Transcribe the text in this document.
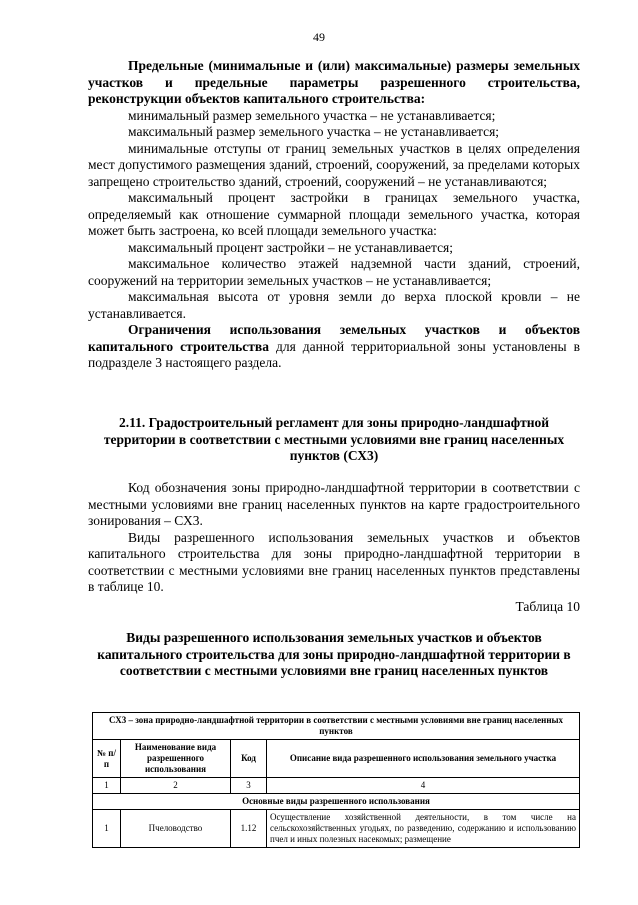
49

Предельные (минимальные и (или) максимальные) размеры земельных участков и предельные параметры разрешенного строительства, реконструкции объектов капитального строительства:

минимальный размер земельного участка – не устанавливается;

максимальный размер земельного участка – не устанавливается;

минимальные отступы от границ земельных участков в целях определения мест допустимого размещения зданий, строений, сооружений, за пределами которых запрещено строительство зданий, строений, сооружений – не устанавливаются;

максимальный процент застройки в границах земельного участка, определяемый как отношение суммарной площади земельного участка, которая может быть застроена, ко всей площади земельного участка:

максимальный процент застройки – не устанавливается;

максимальное количество этажей надземной части зданий, строений, сооружений на территории земельных участков – не устанавливается;

максимальная высота от уровня земли до верха плоской кровли – не устанавливается.

Ограничения использования земельных участков и объектов капитального строительства для данной территориальной зоны установлены в подразделе 3 настоящего раздела.

2.11. Градостроительный регламент для зоны природно-ландшафтной территории в соответствии с местными условиями вне границ населенных пунктов (СХ3)

Код обозначения зоны природно-ландшафтной территории в соответствии с местными условиями вне границ населенных пунктов на карте градостроительного зонирования – СХ3.

Виды разрешенного использования земельных участков и объектов капитального строительства для зоны природно-ландшафтной территории в соответствии с местными условиями вне границ населенных пунктов представлены в таблице 10.

Таблица 10

Виды разрешенного использования земельных участков и объектов капитального строительства для зоны природно-ландшафтной территории в соответствии с местными условиями вне границ населенных пунктов

СХ3 – зона природно-ландшафтной территории в соответствии с местными условиями вне границ населенных пунктов			
№ п/п	Наименование вида разрешенного использования	Код	Описание вида разрешенного использования земельного участка
1	2	3	4
Основные виды разрешенного использования			
1	Пчеловодство	1.12	Осуществление хозяйственной деятельности, в том числе на сельскохозяйственных угодьях, по разведению, содержанию и использованию пчел и иных полезных насекомых; размещение
